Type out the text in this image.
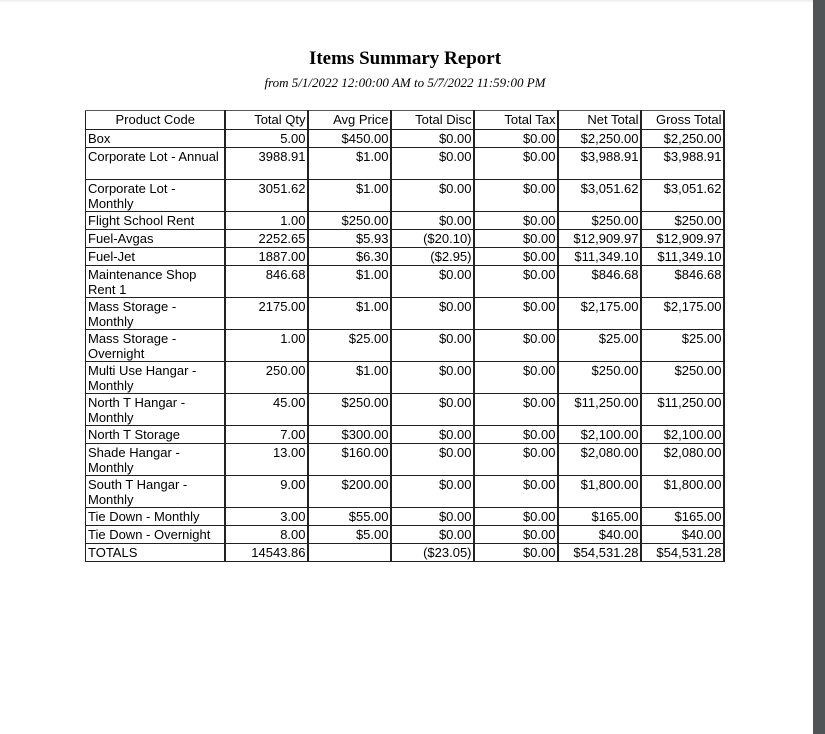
Items Summary Report
from 5/1/2022 12:00:00 AM to 5/7/2022 11:59:00 PM
Product Code	Total Qty	Avg Price	Total Disc	Total Tax	Net Total	Gross Total
Box	5.00	$450.00	$0.00	$0.00	$2,250.00	$2,250.00
Corporate Lot - Annual	3988.91	$1.00	$0.00	$0.00	$3,988.91	$3,988.91
Corporate Lot - Monthly	3051.62	$1.00	$0.00	$0.00	$3,051.62	$3,051.62
Flight School Rent	1.00	$250.00	$0.00	$0.00	$250.00	$250.00
Fuel-Avgas	2252.65	$5.93	($20.10)	$0.00	$12,909.97	$12,909.97
Fuel-Jet	1887.00	$6.30	($2.95)	$0.00	$11,349.10	$11,349.10
Maintenance Shop Rent 1	846.68	$1.00	$0.00	$0.00	$846.68	$846.68
Mass Storage - Monthly	2175.00	$1.00	$0.00	$0.00	$2,175.00	$2,175.00
Mass Storage - Overnight	1.00	$25.00	$0.00	$0.00	$25.00	$25.00
Multi Use Hangar - Monthly	250.00	$1.00	$0.00	$0.00	$250.00	$250.00
North T Hangar - Monthly	45.00	$250.00	$0.00	$0.00	$11,250.00	$11,250.00
North T Storage	7.00	$300.00	$0.00	$0.00	$2,100.00	$2,100.00
Shade Hangar - Monthly	13.00	$160.00	$0.00	$0.00	$2,080.00	$2,080.00
South T Hangar - Monthly	9.00	$200.00	$0.00	$0.00	$1,800.00	$1,800.00
Tie Down - Monthly	3.00	$55.00	$0.00	$0.00	$165.00	$165.00
Tie Down - Overnight	8.00	$5.00	$0.00	$0.00	$40.00	$40.00
TOTALS	14543.86		($23.05)	$0.00	$54,531.28	$54,531.28
